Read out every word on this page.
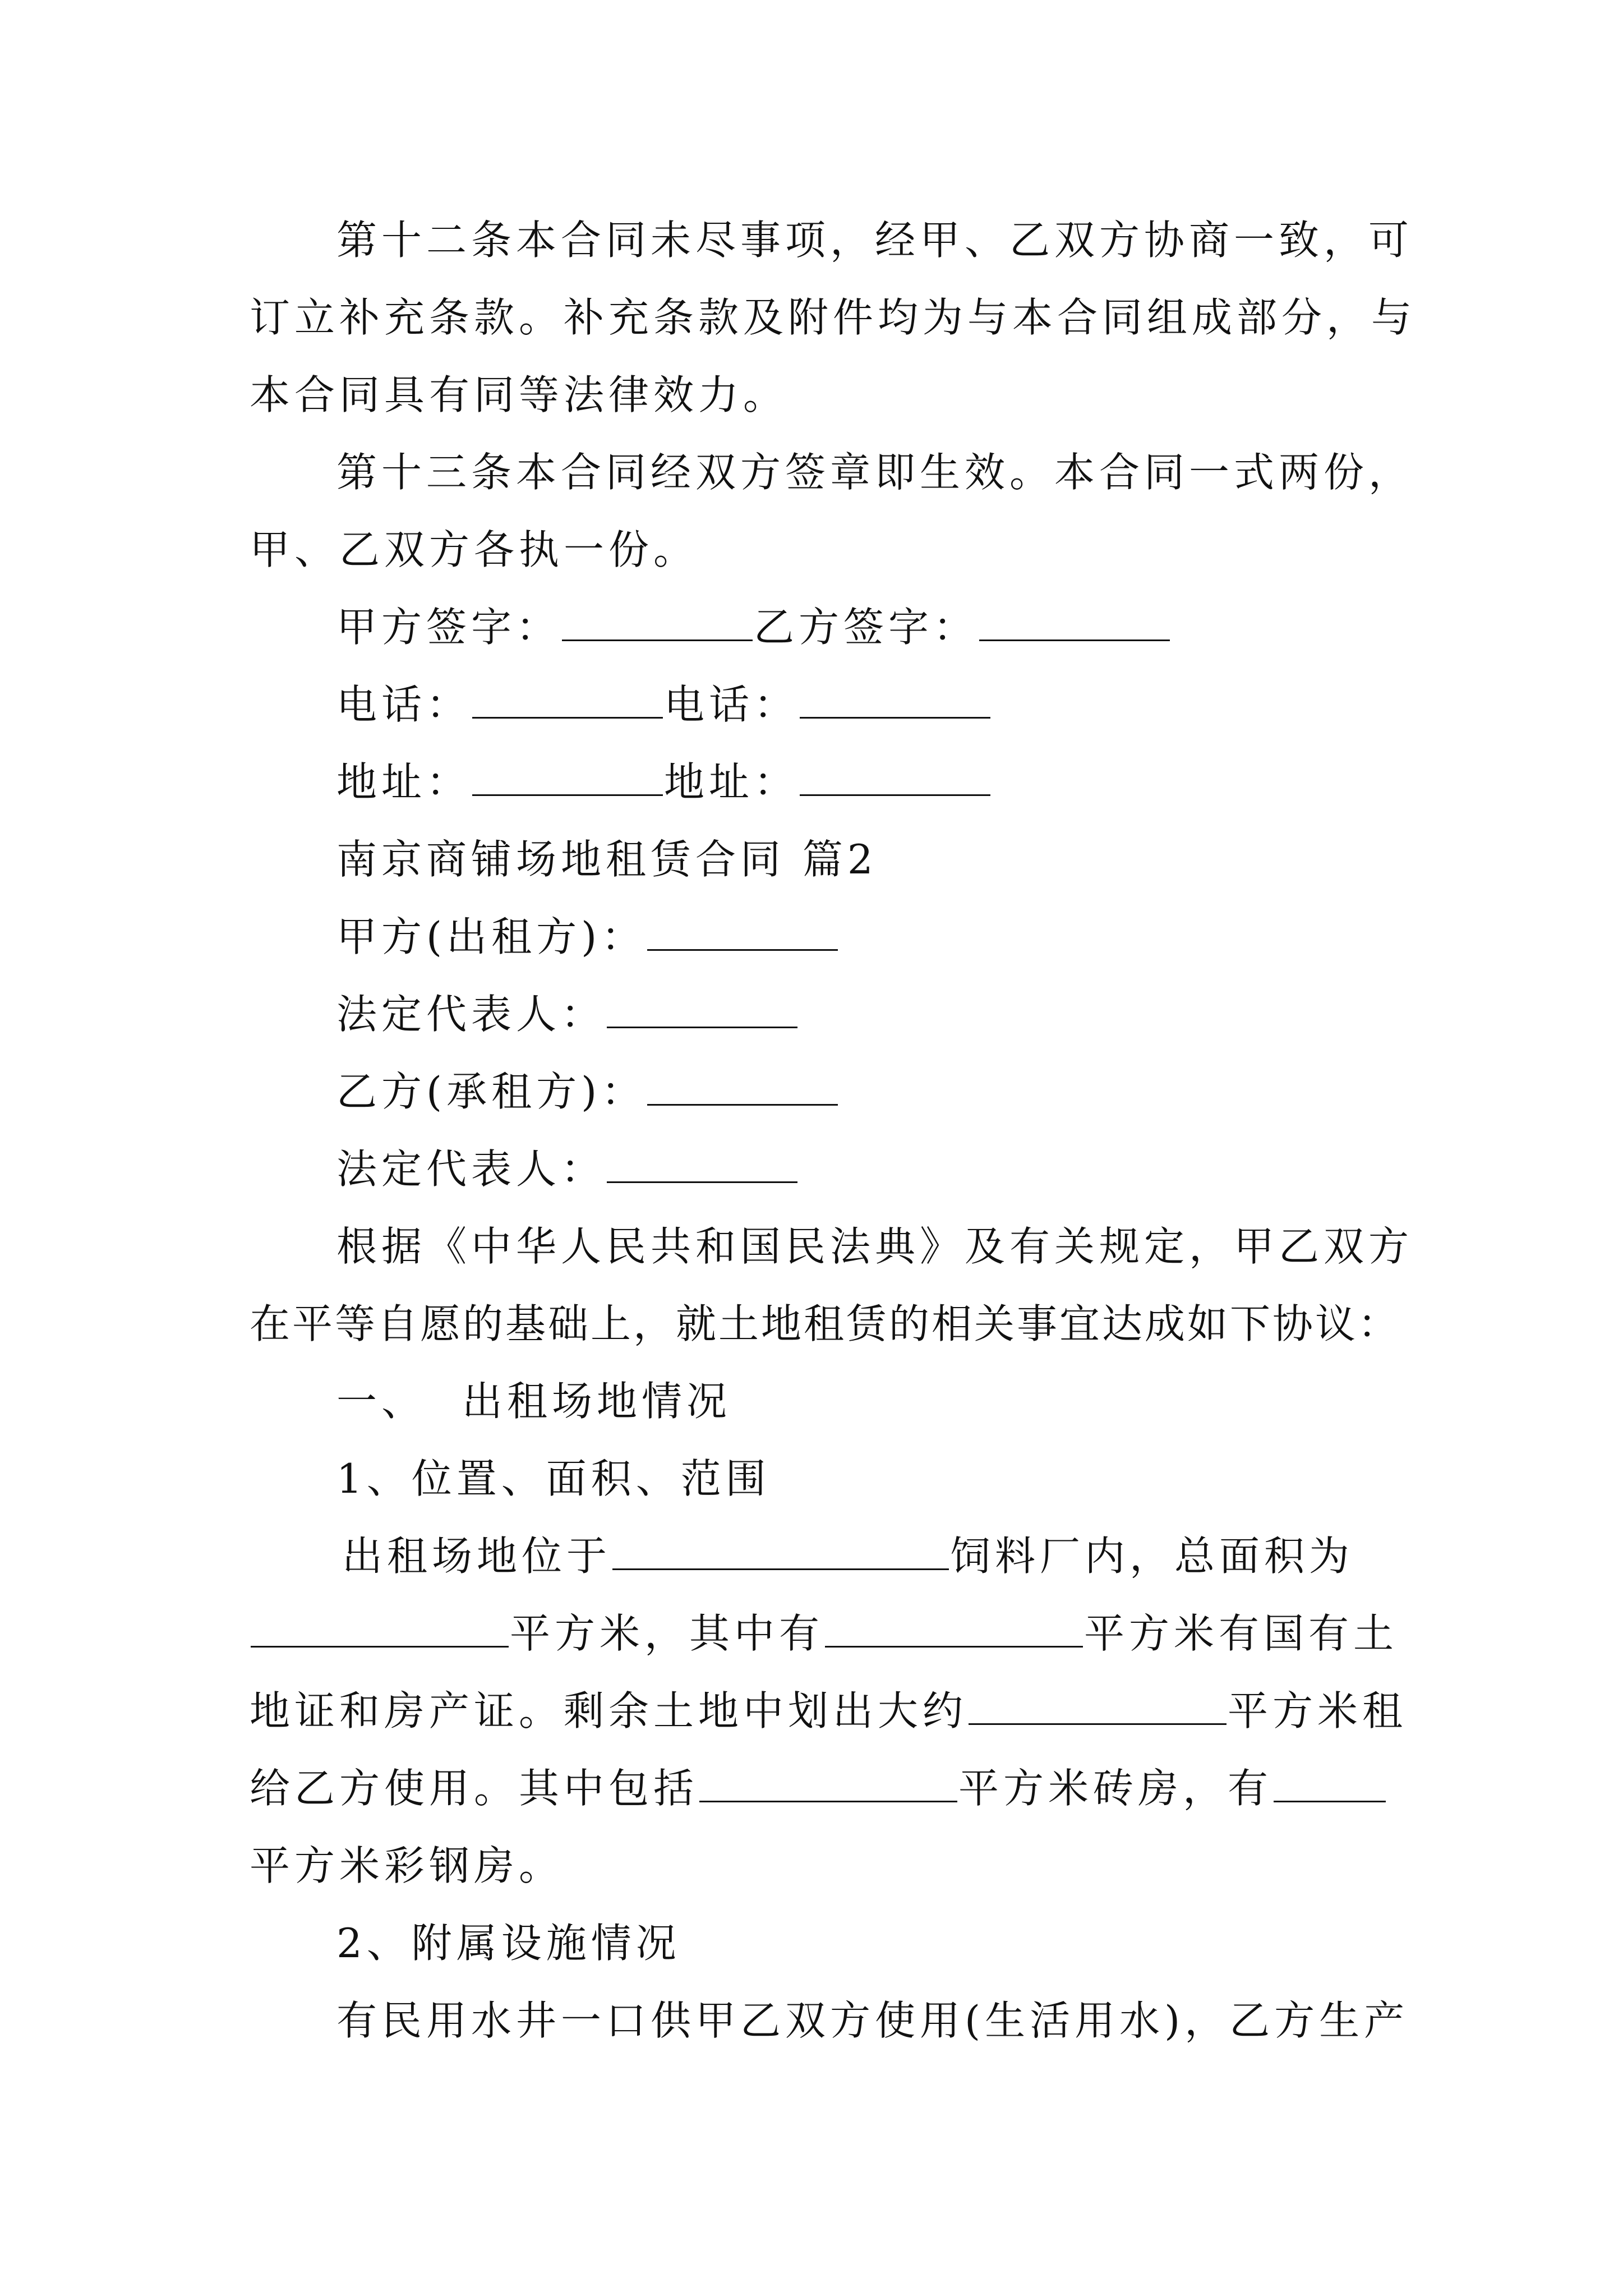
第十二条本合同未尽事项，经甲、乙双方协商一致，可
订立补充条款。补充条款及附件均为与本合同组成部分，与
本合同具有同等法律效力。
第十三条本合同经双方签章即生效。本合同一式两份，
甲、乙双方各执一份。
甲方签字：	乙方签字：
电话：	电话：
地址：	地址：
南京商铺场地租赁合同 篇2
甲方(出租方)：
法定代表人：
乙方(承租方)：
法定代表人：
根据《中华人民共和国民法典》及有关规定，甲乙双方
在平等自愿的基础上，就土地租赁的相关事宜达成如下协议：
一、 出租场地情况
1、位置、面积、范围
出租场地位于	饲料厂内，总面积为
平方米，其中有	平方米有国有土
地证和房产证。剩余土地中划出大约	平方米租
给乙方使用。其中包括	平方米砖房，有
平方米彩钢房。
2、附属设施情况
有民用水井一口供甲乙双方使用(生活用水)，乙方生产
